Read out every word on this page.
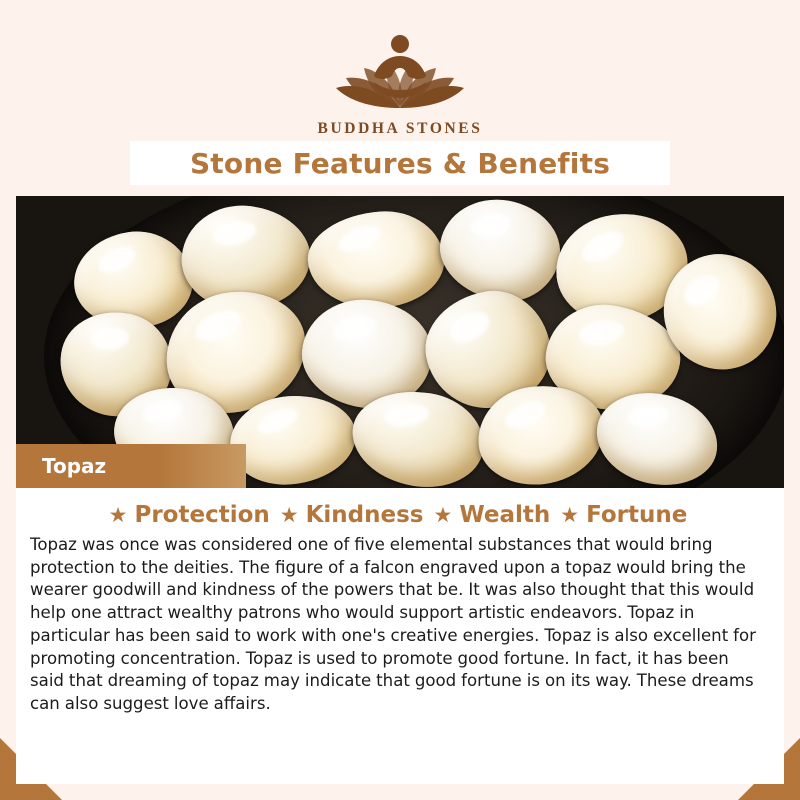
BUDDHA STONES
Stone Features & Benefits
Topaz
★ Protection ★ Kindness ★ Wealth ★ Fortune

Topaz was once was considered one of five elemental substances that would bring protection to the deities. The figure of a falcon engraved upon a topaz would bring the wearer goodwill and kindness of the powers that be. It was also thought that this would help one attract wealthy patrons who would support artistic endeavors. Topaz in particular has been said to work with one's creative energies. Topaz is also excellent for promoting concentration. Topaz is used to promote good fortune. In fact, it has been said that dreaming of topaz may indicate that good fortune is on its way. These dreams can also suggest love affairs.
